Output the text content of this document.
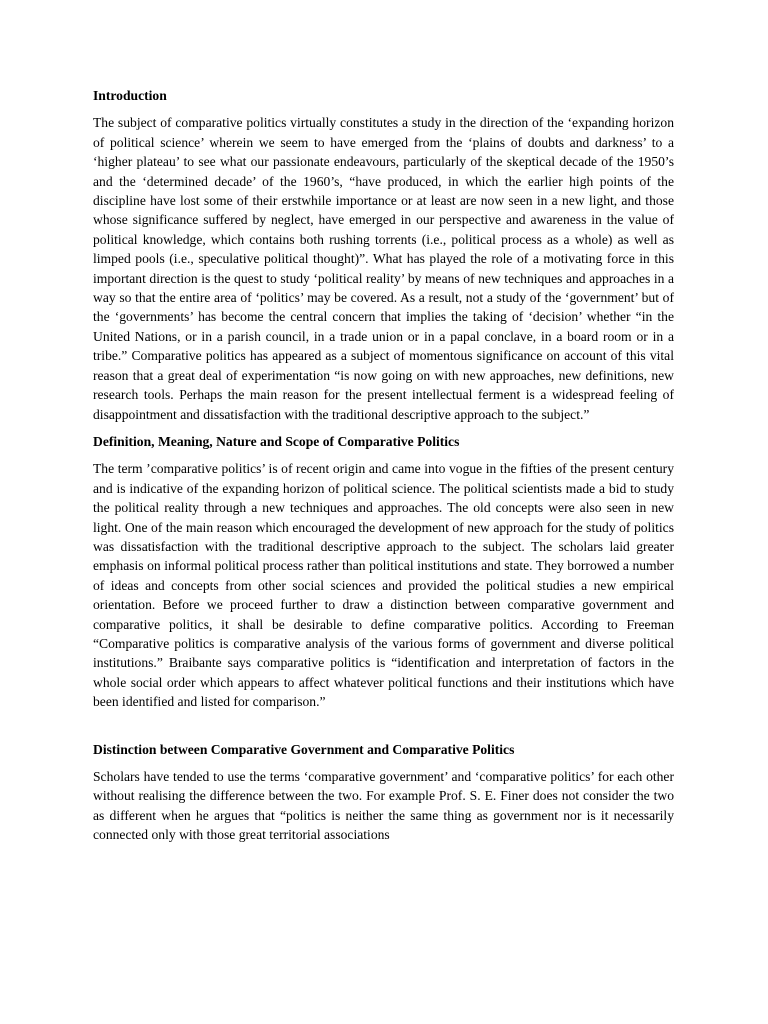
Introduction

The subject of comparative politics virtually constitutes a study in the direction of the ‘expanding horizon of political science’ wherein we seem to have emerged from the ‘plains of doubts and darkness’ to a ‘higher plateau’ to see what our passionate endeavours, particularly of the skeptical decade of the 1950’s and the ‘determined decade’ of the 1960’s, “have produced, in which the earlier high points of the discipline have lost some of their erstwhile importance or at least are now seen in a new light, and those whose significance suffered by neglect, have emerged in our perspective and awareness in the value of political knowledge, which contains both rushing torrents (i.e., political process as a whole) as well as limped pools (i.e., speculative political thought)”. What has played the role of a motivating force in this important direction is the quest to study ‘political reality’ by means of new techniques and approaches in a way so that the entire area of ‘politics’ may be covered. As a result, not a study of the ‘government’ but of the ‘governments’ has become the central concern that implies the taking of ‘decision’ whether “in the United Nations, or in a parish council, in a trade union or in a papal conclave, in a board room or in a tribe.” Comparative politics has appeared as a subject of momentous significance on account of this vital reason that a great deal of experimentation “is now going on with new approaches, new definitions, new research tools. Perhaps the main reason for the present intellectual ferment is a widespread feeling of disappointment and dissatisfaction with the traditional descriptive approach to the subject.”

Definition, Meaning, Nature and Scope of Comparative Politics

The term ’comparative politics’ is of recent origin and came into vogue in the fifties of the present century and is indicative of the expanding horizon of political science. The political scientists made a bid to study the political reality through a new techniques and approaches. The old concepts were also seen in new light. One of the main reason which encouraged the development of new approach for the study of politics was dissatisfaction with the traditional descriptive approach to the subject. The scholars laid greater emphasis on informal political process rather than political institutions and state. They borrowed a number of ideas and concepts from other social sciences and provided the political studies a new empirical orientation. Before we proceed further to draw a distinction between comparative government and comparative politics, it shall be desirable to define comparative politics. According to Freeman “Comparative politics is comparative analysis of the various forms of government and diverse political institutions.” Braibante says comparative politics is “identification and interpretation of factors in the whole social order which appears to affect whatever political functions and their institutions which have been identified and listed for comparison.”

Distinction between Comparative Government and Comparative Politics

Scholars have tended to use the terms ‘comparative government’ and ‘comparative politics’ for each other without realising the difference between the two. For example Prof. S. E. Finer does not consider the two as different when he argues that “politics is neither the same thing as government nor is it necessarily connected only with those great territorial associations
